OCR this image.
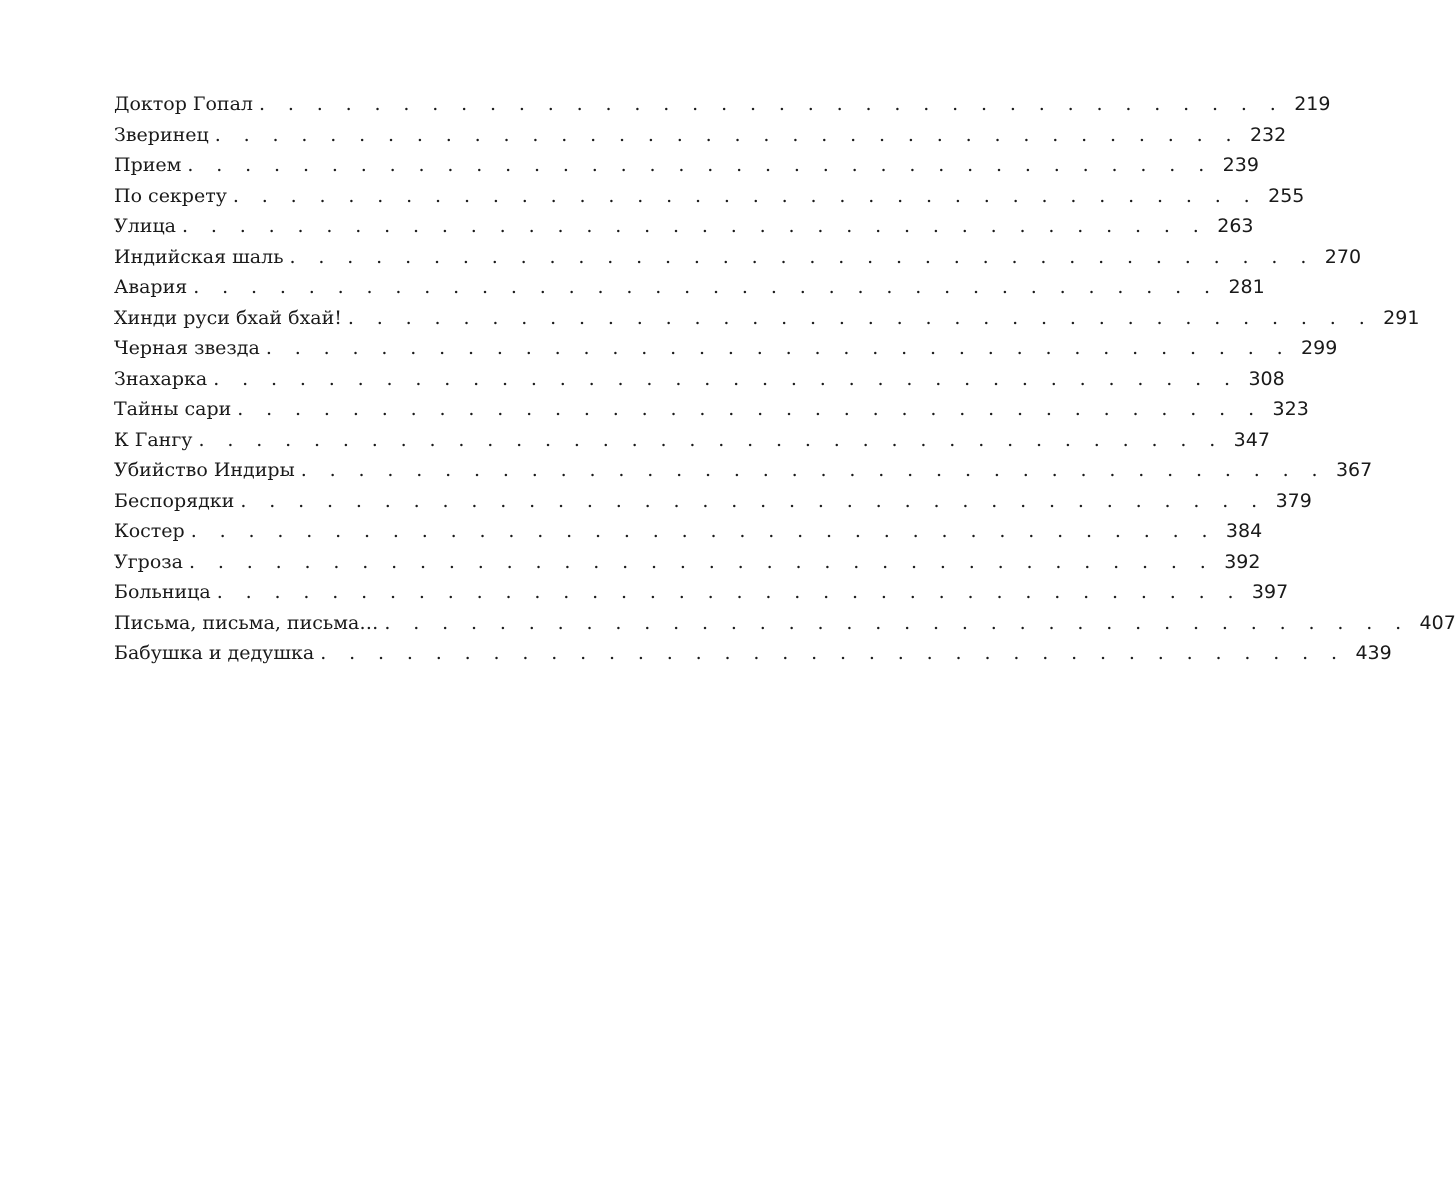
Доктор Гопал . . . . . . . . . . . . . . . . . . . . . . . . . . . . . . . . . . . . 219
Зверинец . . . . . . . . . . . . . . . . . . . . . . . . . . . . . . . . . . . . 232
Прием . . . . . . . . . . . . . . . . . . . . . . . . . . . . . . . . . . . . 239
По секрету . . . . . . . . . . . . . . . . . . . . . . . . . . . . . . . . . . . . 255
Улица . . . . . . . . . . . . . . . . . . . . . . . . . . . . . . . . . . . . 263
Индийская шаль . . . . . . . . . . . . . . . . . . . . . . . . . . . . . . . . . . . . 270
Авария . . . . . . . . . . . . . . . . . . . . . . . . . . . . . . . . . . . . 281
Хинди руси бхай бхай! . . . . . . . . . . . . . . . . . . . . . . . . . . . . . . . . . . . . 291
Черная звезда . . . . . . . . . . . . . . . . . . . . . . . . . . . . . . . . . . . . 299
Знахарка . . . . . . . . . . . . . . . . . . . . . . . . . . . . . . . . . . . . 308
Тайны сари . . . . . . . . . . . . . . . . . . . . . . . . . . . . . . . . . . . . 323
К Гангу . . . . . . . . . . . . . . . . . . . . . . . . . . . . . . . . . . . . 347
Убийство Индиры . . . . . . . . . . . . . . . . . . . . . . . . . . . . . . . . . . . . 367
Беспорядки . . . . . . . . . . . . . . . . . . . . . . . . . . . . . . . . . . . . 379
Костер . . . . . . . . . . . . . . . . . . . . . . . . . . . . . . . . . . . . 384
Угроза . . . . . . . . . . . . . . . . . . . . . . . . . . . . . . . . . . . . 392
Больница . . . . . . . . . . . . . . . . . . . . . . . . . . . . . . . . . . . . 397
Письма, письма, письма… . . . . . . . . . . . . . . . . . . . . . . . . . . . . . . . . . . . . 407
Бабушка и дедушка . . . . . . . . . . . . . . . . . . . . . . . . . . . . . . . . . . . . 439
